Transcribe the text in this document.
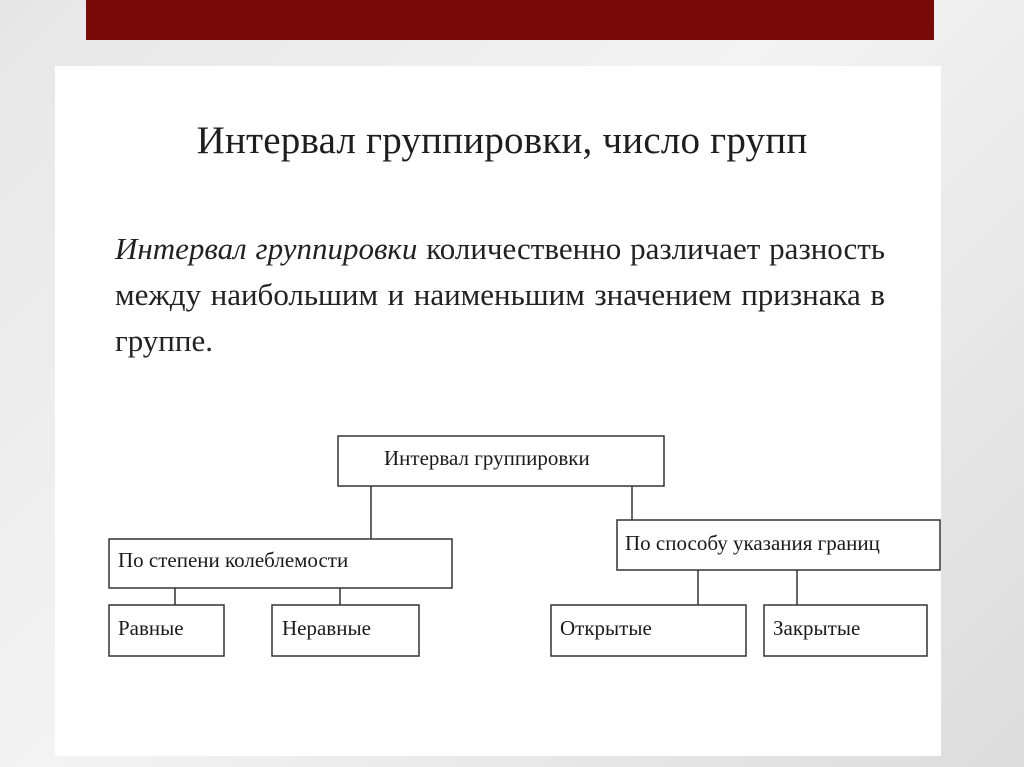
Интервал группировки, число групп
Интервал группировки количественно различает разность между наибольшим и наименьшим значением признака в группе.
Интервал группировки
По степени колеблемости
По способу указания границ
Равные	Неравные	Открытые	Закрытые
